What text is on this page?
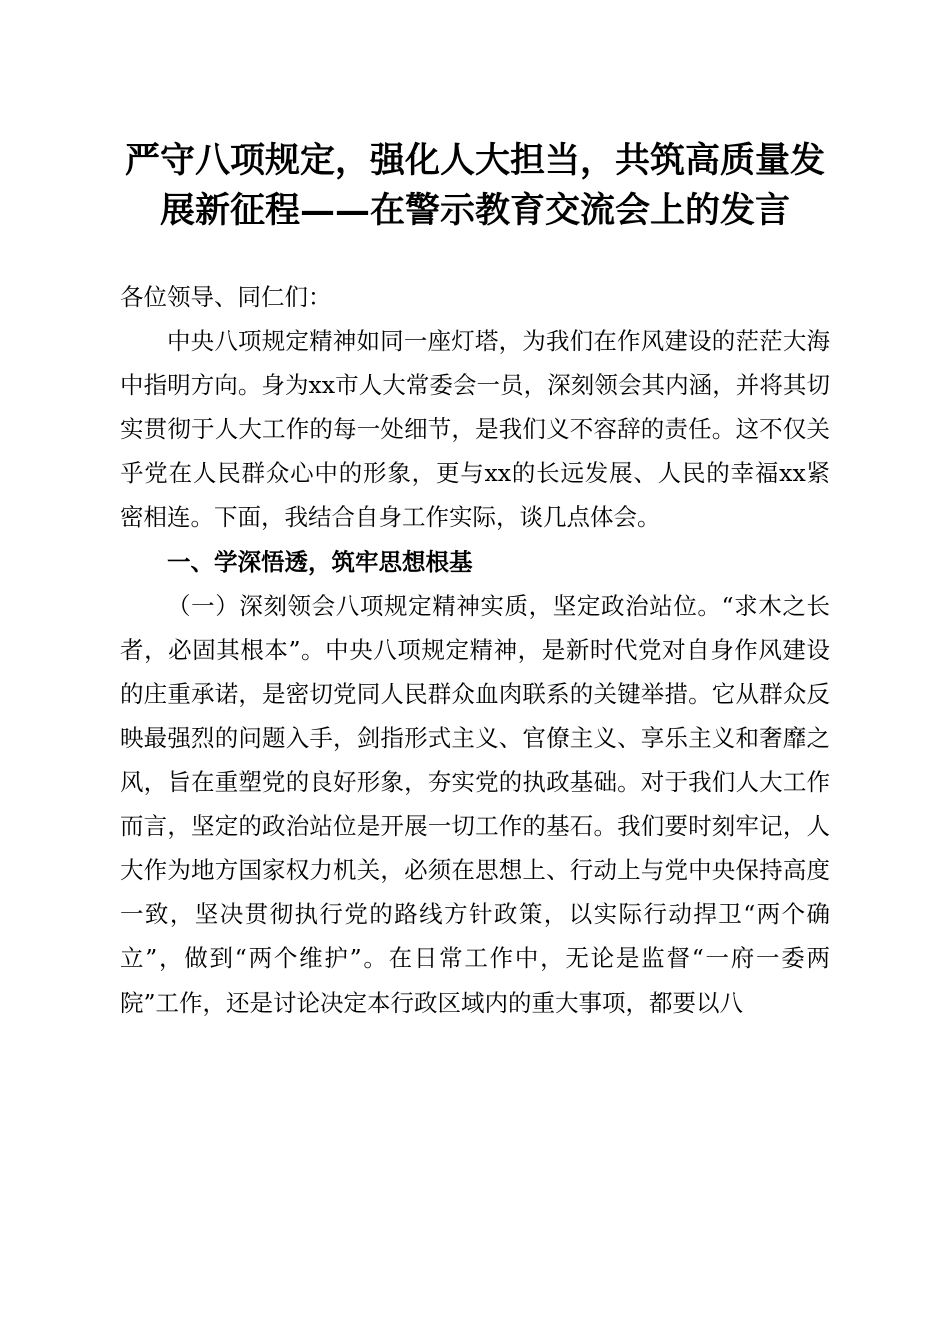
严守八项规定，强化人大担当，共筑高质量发
展新征程——在警示教育交流会上的发言

各位领导、同仁们：

中央八项规定精神如同一座灯塔，为我们在作风建设的茫茫大海中指明方向。身为xx市人大常委会一员，深刻领会其内涵，并将其切实贯彻于人大工作的每一处细节，是我们义不容辞的责任。这不仅关乎党在人民群众心中的形象，更与xx的长远发展、人民的幸福xx紧密相连。下面，我结合自身工作实际，谈几点体会。

一、学深悟透，筑牢思想根基

（一）深刻领会八项规定精神实质，坚定政治站位。“求木之长者，必固其根本”。中央八项规定精神，是新时代党对自身作风建设的庄重承诺，是密切党同人民群众血肉联系的关键举措。它从群众反映最强烈的问题入手，剑指形式主义、官僚主义、享乐主义和奢靡之风，旨在重塑党的良好形象，夯实党的执政基础。对于我们人大工作而言，坚定的政治站位是开展一切工作的基石。我们要时刻牢记，人大作为地方国家权力机关，必须在思想上、行动上与党中央保持高度一致，坚决贯彻执行党的路线方针政策，以实际行动捍卫“两个确立”，做到“两个维护”。在日常工作中，无论是监督“一府一委两院”工作，还是讨论决定本行政区域内的重大事项，都要以八
